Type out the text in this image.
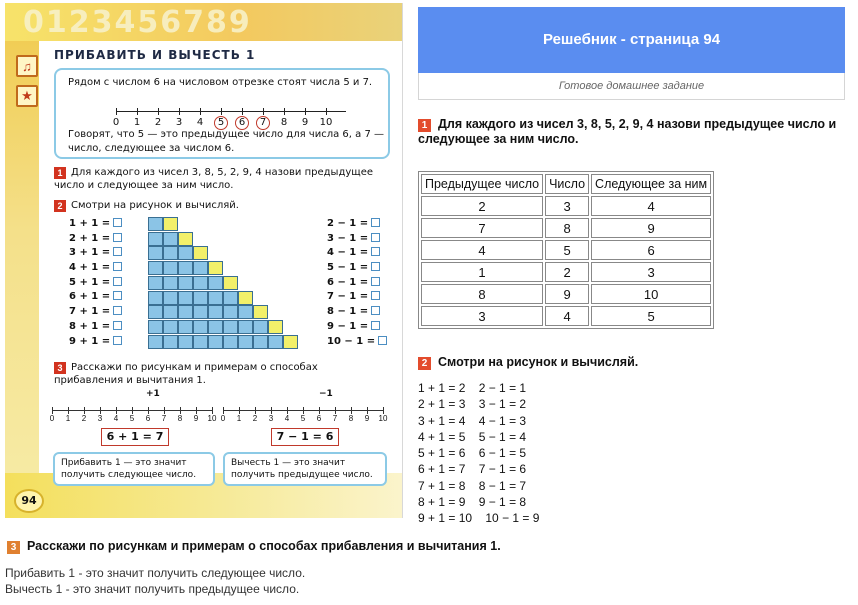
0123456789
♫
★
ПРИБАВИТЬ И ВЫЧЕСТЬ 1
Рядом с числом 6 на числовом отрезке стоят числа 5 и 7.
0	1	2	3	4	5	6	7	8	9	10
Говорят, что 5 — это предыдущее число для числа 6, а 7 — число, следующее за числом 6.
1 Для каждого из чисел 3, 8, 5, 2, 9, 4 назови предыдущее число и следующее за ним число.
2 Смотри на рисунок и вычисляй.
1 + 1 =
2 + 1 =
3 + 1 =
4 + 1 =
5 + 1 =
6 + 1 =
7 + 1 =
8 + 1 =
9 + 1 =
2 − 1 =
3 − 1 =
4 − 1 =
5 − 1 =
6 − 1 =
7 − 1 =
8 − 1 =
9 − 1 =
10 − 1 =
3 Расскажи по рисункам и примерам о способах прибавления и вычитания 1.
+1
0	1	2	3	4	5	6	7	8	9	10
−1
0	1	2	3	4	5	6	7	8	9	10
6 + 1 = 7	7 − 1 = 6
Прибавить 1 — это значит получить следующее число.
Вычесть 1 — это значит получить предыдущее число.
94
Решебник - страница 94
Готовое домашнее задание
1 Для каждого из чисел 3, 8, 5, 2, 9, 4 назови предыдущее число и следующее за ним число.
Предыдущее число	Число	Следующее за ним
2	3	4
7	8	9
4	5	6
1	2	3
8	9	10
3	4	5
2 Смотри на рисунок и вычисляй.
1 + 1 = 2    2 − 1 = 1
2 + 1 = 3    3 − 1 = 2
3 + 1 = 4    4 − 1 = 3
4 + 1 = 5    5 − 1 = 4
5 + 1 = 6    6 − 1 = 5
6 + 1 = 7    7 − 1 = 6
7 + 1 = 8    8 − 1 = 7
8 + 1 = 9    9 − 1 = 8
9 + 1 = 10    10 − 1 = 9
3 Расскажи по рисункам и примерам о способах прибавления и вычитания 1.
Прибавить 1 - это значит получить следующее число.
Вычесть 1 - это значит получить предыдущее число.
